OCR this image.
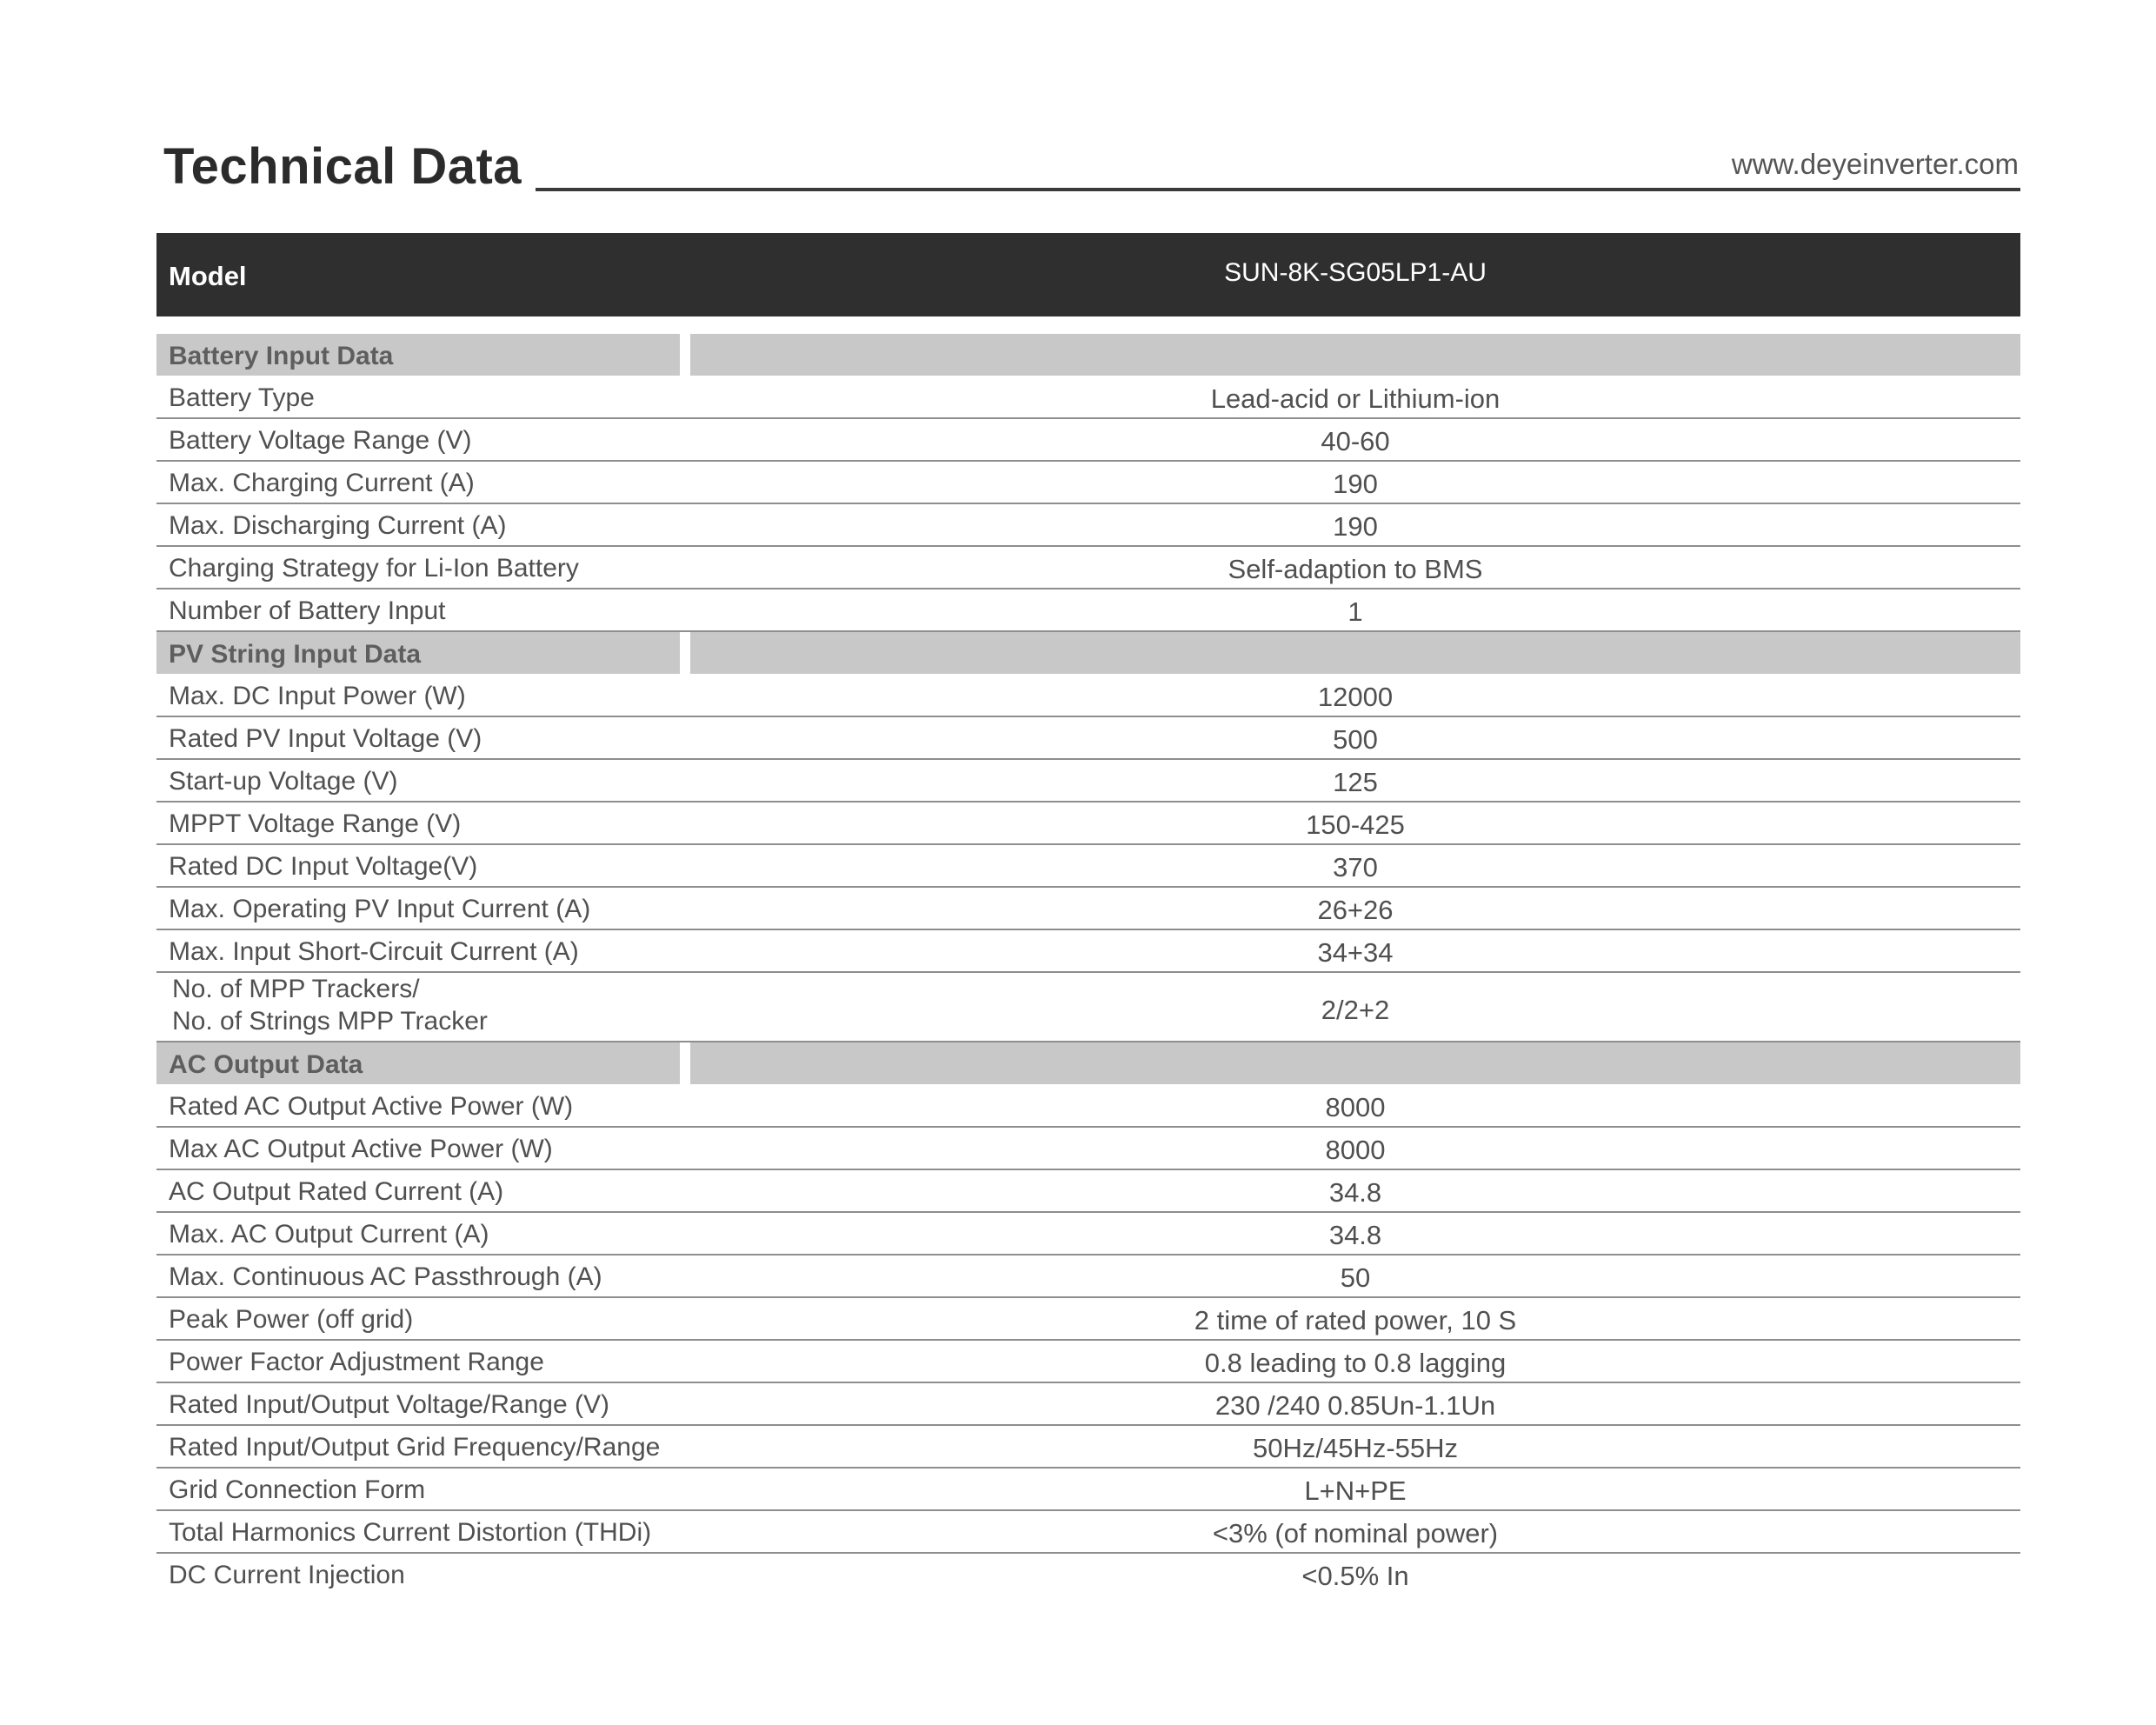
Technical Data	www.deyeinverter.com
Model	SUN-8K-SG05LP1-AU
Battery Input Data
Battery Type	Lead-acid or Lithium-ion
Battery Voltage Range (V)	40-60
Max. Charging Current (A)	190
Max. Discharging Current (A)	190
Charging Strategy for Li-Ion Battery	Self-adaption to BMS
Number of Battery Input	1
PV String Input Data
Max. DC Input Power (W)	12000
Rated PV Input Voltage (V)	500
Start-up Voltage (V)	125
MPPT Voltage Range (V)	150-425
Rated DC Input Voltage(V)	370
Max. Operating PV Input Current (A)	26+26
Max. Input Short-Circuit Current (A)	34+34
No. of MPP Trackers/
No. of Strings MPP Tracker	2/2+2
AC Output Data
Rated AC Output Active Power (W)	8000
Max AC Output Active Power (W)	8000
AC Output Rated Current (A)	34.8
Max. AC Output Current (A)	34.8
Max. Continuous AC Passthrough (A)	50
Peak Power (off grid)	2 time of rated power, 10 S
Power Factor Adjustment Range	0.8 leading to 0.8 lagging
Rated Input/Output Voltage/Range (V)	230 /240 0.85Un-1.1Un
Rated Input/Output Grid Frequency/Range	50Hz/45Hz-55Hz
Grid Connection Form	L+N+PE
Total Harmonics Current Distortion (THDi)	<3% (of nominal power)
DC Current Injection	<0.5% In
